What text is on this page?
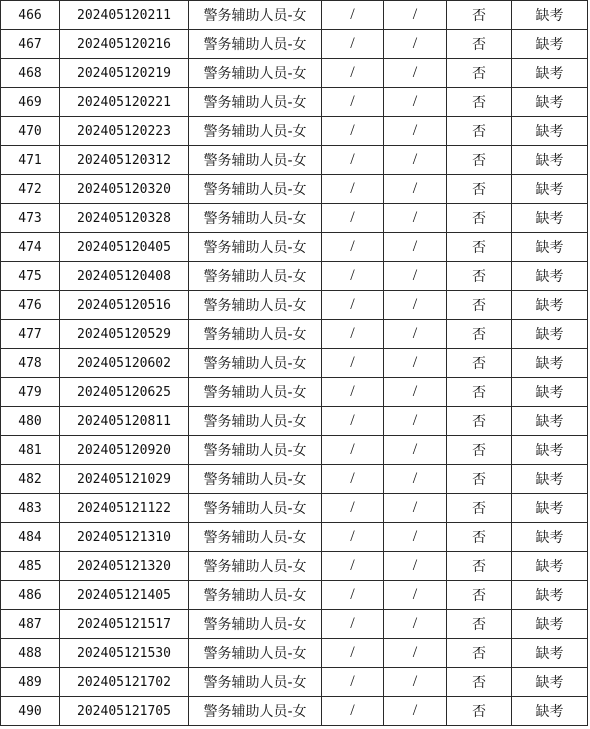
466	202405120211	警务辅助人员-女	/	/	否	缺考
467	202405120216	警务辅助人员-女	/	/	否	缺考
468	202405120219	警务辅助人员-女	/	/	否	缺考
469	202405120221	警务辅助人员-女	/	/	否	缺考
470	202405120223	警务辅助人员-女	/	/	否	缺考
471	202405120312	警务辅助人员-女	/	/	否	缺考
472	202405120320	警务辅助人员-女	/	/	否	缺考
473	202405120328	警务辅助人员-女	/	/	否	缺考
474	202405120405	警务辅助人员-女	/	/	否	缺考
475	202405120408	警务辅助人员-女	/	/	否	缺考
476	202405120516	警务辅助人员-女	/	/	否	缺考
477	202405120529	警务辅助人员-女	/	/	否	缺考
478	202405120602	警务辅助人员-女	/	/	否	缺考
479	202405120625	警务辅助人员-女	/	/	否	缺考
480	202405120811	警务辅助人员-女	/	/	否	缺考
481	202405120920	警务辅助人员-女	/	/	否	缺考
482	202405121029	警务辅助人员-女	/	/	否	缺考
483	202405121122	警务辅助人员-女	/	/	否	缺考
484	202405121310	警务辅助人员-女	/	/	否	缺考
485	202405121320	警务辅助人员-女	/	/	否	缺考
486	202405121405	警务辅助人员-女	/	/	否	缺考
487	202405121517	警务辅助人员-女	/	/	否	缺考
488	202405121530	警务辅助人员-女	/	/	否	缺考
489	202405121702	警务辅助人员-女	/	/	否	缺考
490	202405121705	警务辅助人员-女	/	/	否	缺考
